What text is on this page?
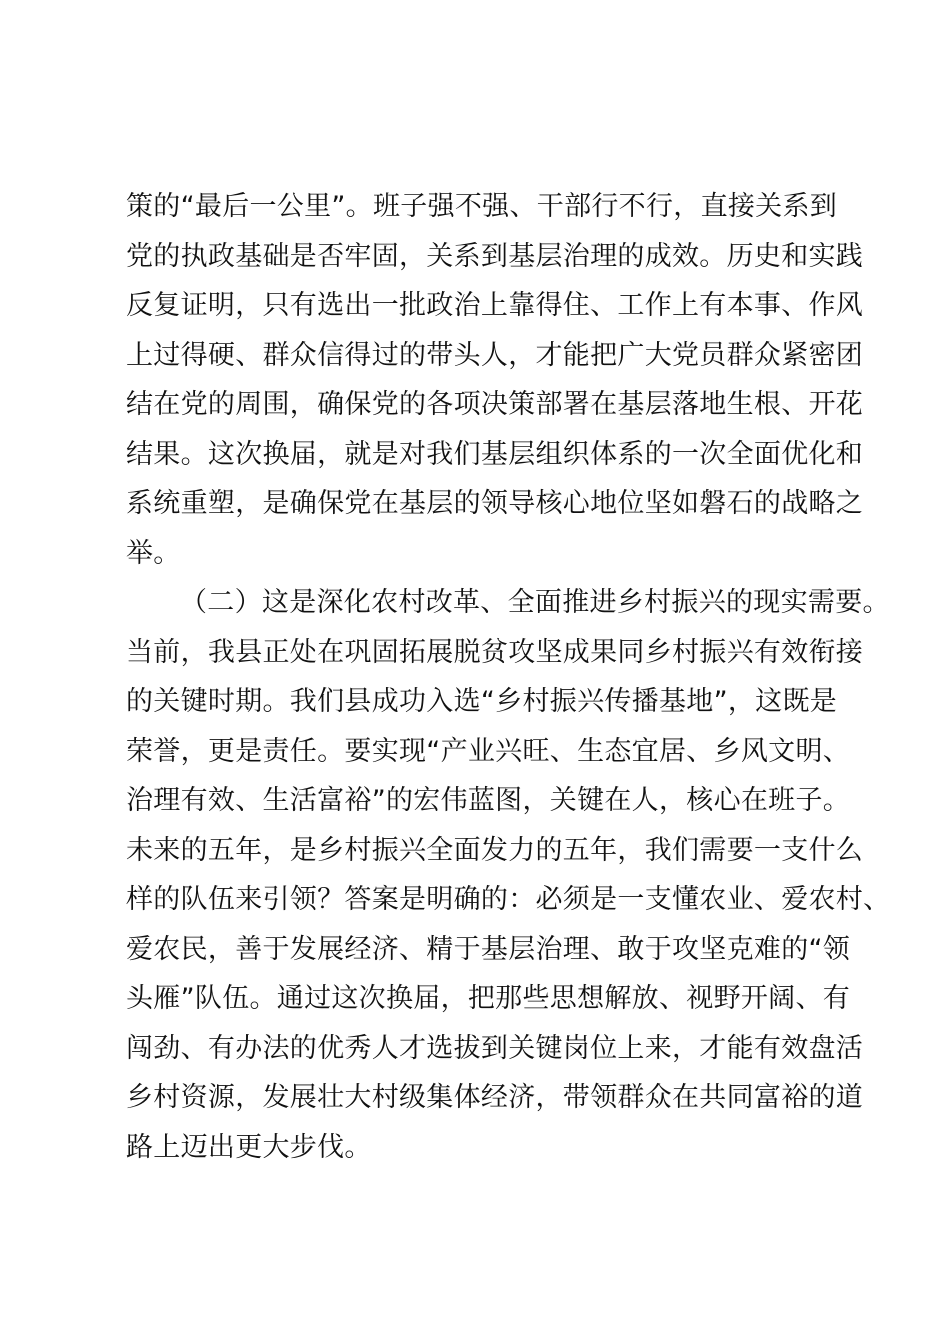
策的“最后一公里”。班子强不强、干部行不行，直接关系到
党的执政基础是否牢固，关系到基层治理的成效。历史和实践
反复证明，只有选出一批政治上靠得住、工作上有本事、作风
上过得硬、群众信得过的带头人，才能把广大党员群众紧密团
结在党的周围，确保党的各项决策部署在基层落地生根、开花
结果。这次换届，就是对我们基层组织体系的一次全面优化和
系统重塑，是确保党在基层的领导核心地位坚如磐石的战略之
举。
（二）这是深化农村改革、全面推进乡村振兴的现实需要。
当前，我县正处在巩固拓展脱贫攻坚成果同乡村振兴有效衔接
的关键时期。我们县成功入选“乡村振兴传播基地”，这既是
荣誉，更是责任。要实现“产业兴旺、生态宜居、乡风文明、
治理有效、生活富裕”的宏伟蓝图，关键在人，核心在班子。
未来的五年，是乡村振兴全面发力的五年，我们需要一支什么
样的队伍来引领？答案是明确的：必须是一支懂农业、爱农村、
爱农民，善于发展经济、精于基层治理、敢于攻坚克难的“领
头雁”队伍。通过这次换届，把那些思想解放、视野开阔、有
闯劲、有办法的优秀人才选拔到关键岗位上来，才能有效盘活
乡村资源，发展壮大村级集体经济，带领群众在共同富裕的道
路上迈出更大步伐。
